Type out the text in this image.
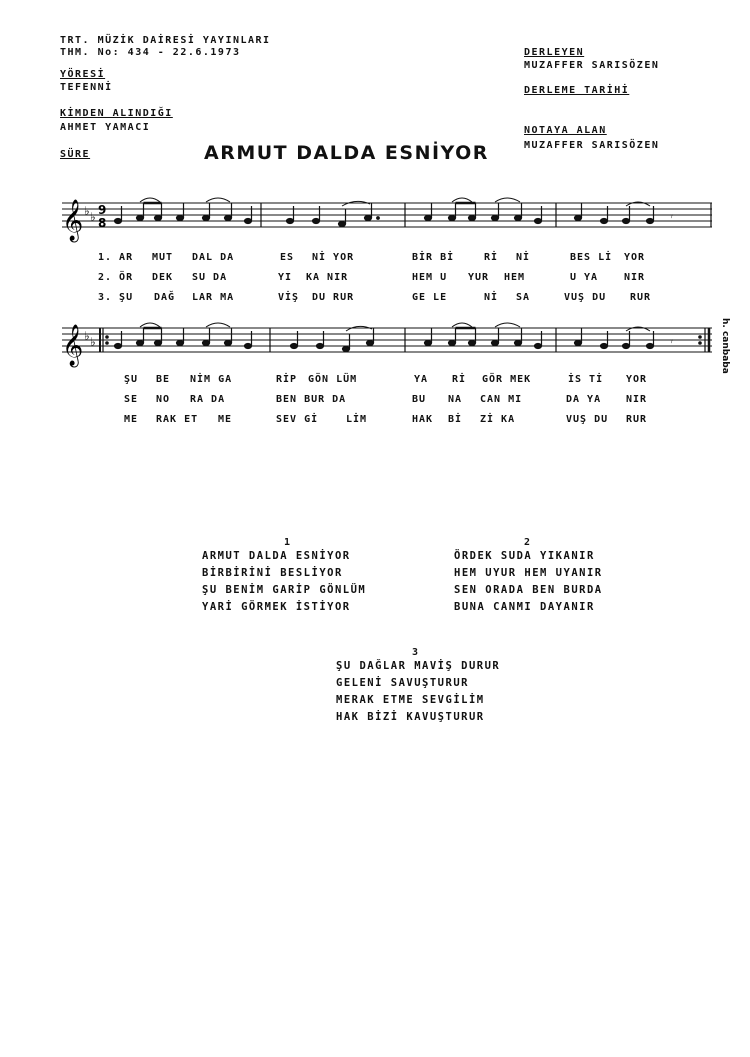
TRT. MÜZİK DAİRESİ YAYINLARI
THM. No: 434 - 22.6.1973
YÖRESİ
TEFENNİ
KİMDEN ALINDIĞI
AHMET YAMACI
SÜRE
DERLEYEN
MUZAFFER SARISÖZEN
DERLEME TARİHİ
NOTAYA ALAN
MUZAFFER SARISÖZEN
ARMUT DALDA ESNİYOR
𝄞 ♭ ♭ 9
8	𝄾
1. AR MUT DAL DA	ES Nİ YOR	BİR Bİ	Rİ Nİ	BES Lİ YOR
2. ÖR DEK SU DA	YI KA NIR	HEM U YUR HEM	U YA	NIR
3. ŞU DAĞ LAR MA	VİŞ DU RUR	GE LE	Nİ SA	VUŞ DU RUR
𝄞 ♭ ♭	𝄾	h. canbaba
ŞU BE NİM GA	RİP GÖN LÜM	YA Rİ GÖR MEK	İS Tİ YOR
SE NO RA DA	BEN BUR DA	BU NA CAN MI	DA YA NIR
ME RAK ET ME	SEV Gİ	LİM	HAK Bİ Zİ KA	VUŞ DU RUR
1
ARMUT DALDA ESNİYOR
BİRBİRİNİ BESLİYOR
ŞU BENİM GARİP GÖNLÜM
YARİ GÖRMEK İSTİYOR
2
ÖRDEK SUDA YIKANIR
HEM UYUR HEM UYANIR
SEN ORADA BEN BURDA
BUNA CANMI DAYANIR
3
ŞU DAĞLAR MAVİŞ DURUR
GELENİ SAVUŞTURUR
MERAK ETME SEVGİLİM
HAK BİZİ KAVUŞTURUR
